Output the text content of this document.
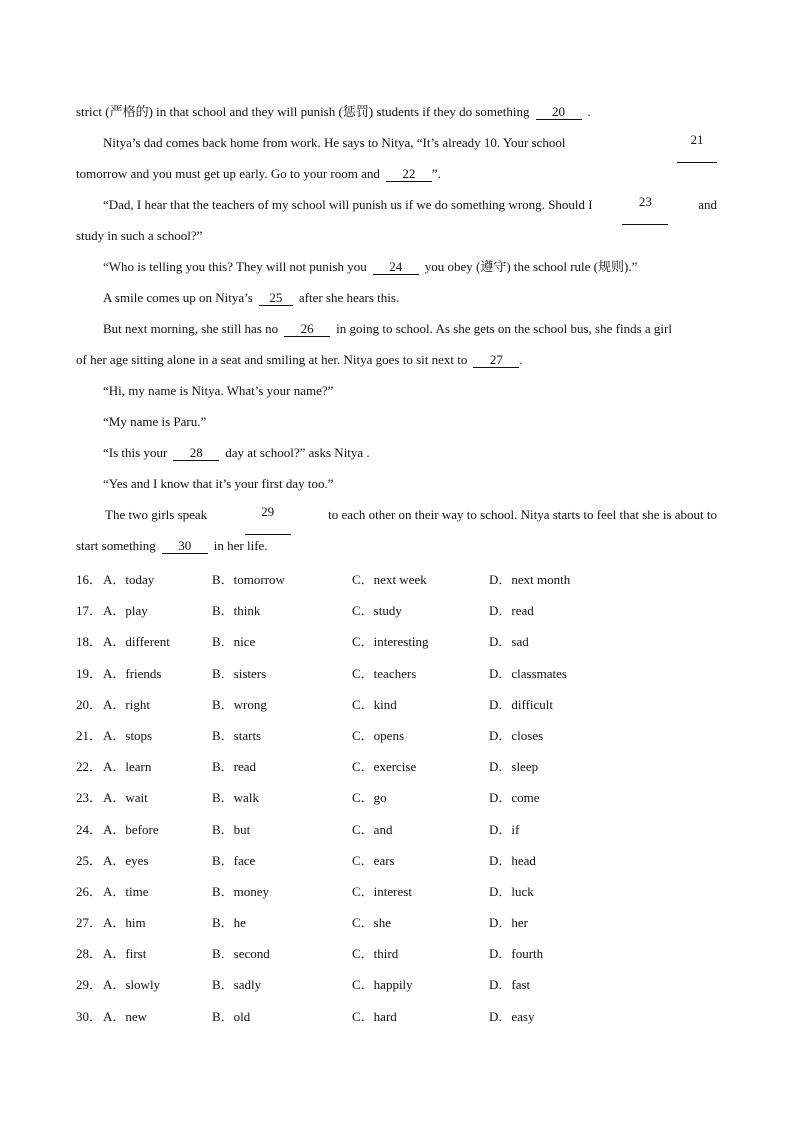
strict (严格的) in that school and they will punish (惩罚) students if they do something 20 .
Nitya’s dad comes back home from work. He says to Nitya, “It’s already 10. Your school	21
tomorrow and you must get up early. Go to your room and 22 ”.
“Dad, I hear that the teachers of my school will punish us if we do something wrong. Should I	23	and
study in such a school?”
“Who is telling you this? They will not punish you 24 you obey (遵守) the school rule (规则).”
A smile comes up on Nitya’s 25 after she hears this.
But next morning, she still has no 26 in going to school. As she gets on the school bus, she finds a girl
of her age sitting alone in a seat and smiling at her. Nitya goes to sit next to 27 .
“Hi, my name is Nitya. What’s your name?”
“My name is Paru.”
“Is this your 28 day at school?” asks Nitya .
“Yes and I know that it’s your first day too.”
The two girls speak	29	to each other on their way to school. Nitya starts to feel that she is about to
start something 30 in her life.
16． A．today	B．tomorrow	C．next week	D．next month
17． A．play	B．think	C．study	D．read
18． A．different	B．nice	C．interesting	D．sad
19． A．friends	B．sisters	C．teachers	D．classmates
20． A．right	B．wrong	C．kind	D．difficult
21． A．stops	B．starts	C．opens	D．closes
22． A．learn	B．read	C．exercise	D．sleep
23． A．wait	B．walk	C．go	D．come
24． A．before	B．but	C．and	D．if
25． A．eyes	B．face	C．ears	D．head
26． A．time	B．money	C．interest	D．luck
27． A．him	B．he	C．she	D．her
28． A．first	B．second	C．third	D．fourth
29． A．slowly	B．sadly	C．happily	D．fast
30． A．new	B．old	C．hard	D．easy
